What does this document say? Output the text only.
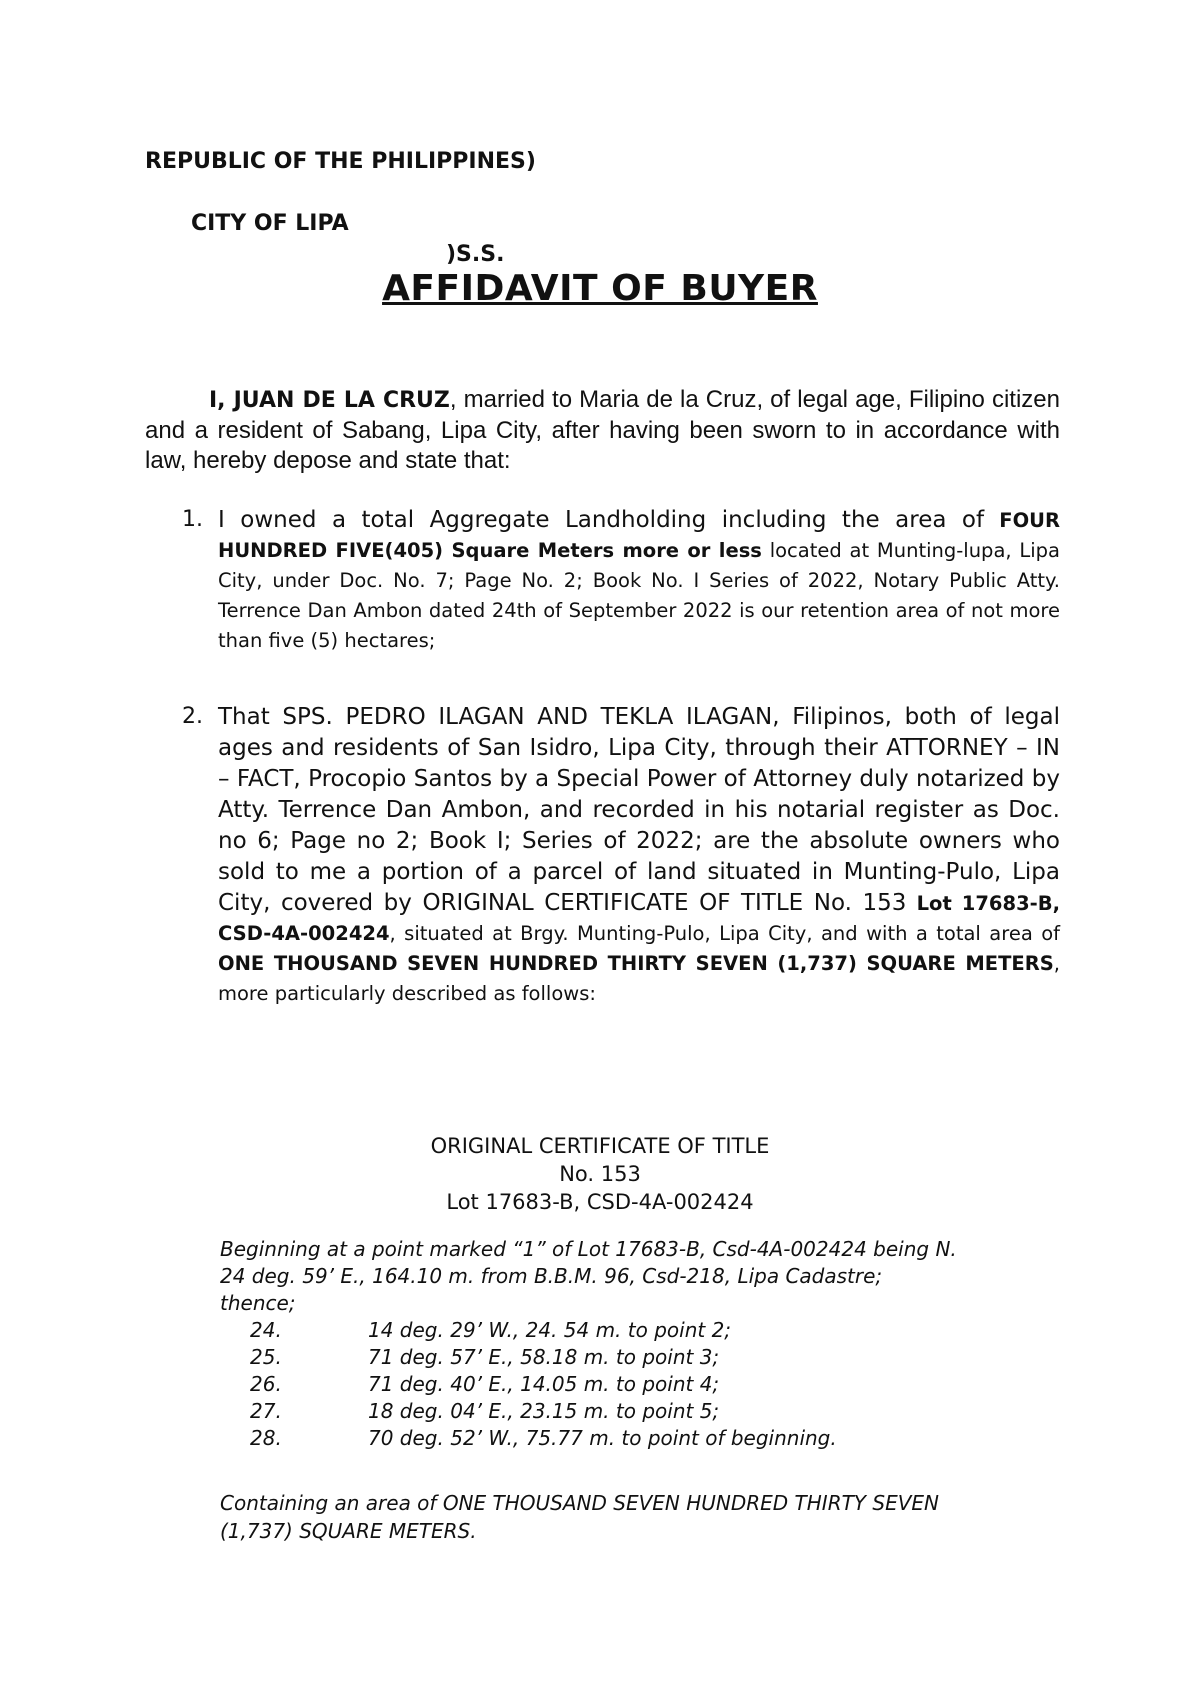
REPUBLIC OF THE PHILIPPINES)

CITY OF LIPA

)S.S.

AFFIDAVIT OF BUYER
I, JUAN DE LA CRUZ, married to Maria de la Cruz, of legal age, Filipino citizen and a resident of Sabang, Lipa City, after having been sworn to in accordance with law, hereby depose and state that:
1. I owned a total Aggregate Landholding including the area of FOUR HUNDRED FIVE(405) Square Meters more or less located at Munting-lupa, Lipa City, under Doc. No. 7; Page No. 2; Book No. I Series of 2022, Notary Public Atty. Terrence Dan Ambon dated 24th of September 2022 is our retention area of not more than five (5) hectares;
2. That SPS. PEDRO ILAGAN AND TEKLA ILAGAN, Filipinos, both of legal ages and residents of San Isidro, Lipa City, through their ATTORNEY – IN – FACT, Procopio Santos by a Special Power of Attorney duly notarized by Atty. Terrence Dan Ambon, and recorded in his notarial register as Doc. no 6; Page no 2; Book I; Series of 2022; are the absolute owners who sold to me a portion of a parcel of land situated in Munting-Pulo, Lipa City, covered by ORIGINAL CERTIFICATE OF TITLE No. 153 Lot 17683-B, CSD-4A-002424, situated at Brgy. Munting-Pulo, Lipa City, and with a total area of ONE THOUSAND SEVEN HUNDRED THIRTY SEVEN (1,737) SQUARE METERS, more particularly described as follows:
ORIGINAL CERTIFICATE OF TITLE
No. 153
Lot 17683-B, CSD-4A-002424
Beginning at a point marked “1” of Lot 17683-B, Csd-4A-002424 being N. 24 deg. 59’ E., 164.10 m. from B.B.M. 96, Csd-218, Lipa Cadastre; thence;
24.	14 deg. 29’ W., 24. 54 m. to point 2;
25.	71 deg. 57’ E., 58.18 m. to point 3;
26.	71 deg. 40’ E., 14.05 m. to point 4;
27.	18 deg. 04’ E., 23.15 m. to point 5;
28.	70 deg. 52’ W., 75.77 m. to point of beginning.
Containing an area of ONE THOUSAND SEVEN HUNDRED THIRTY SEVEN (1,737) SQUARE METERS.
